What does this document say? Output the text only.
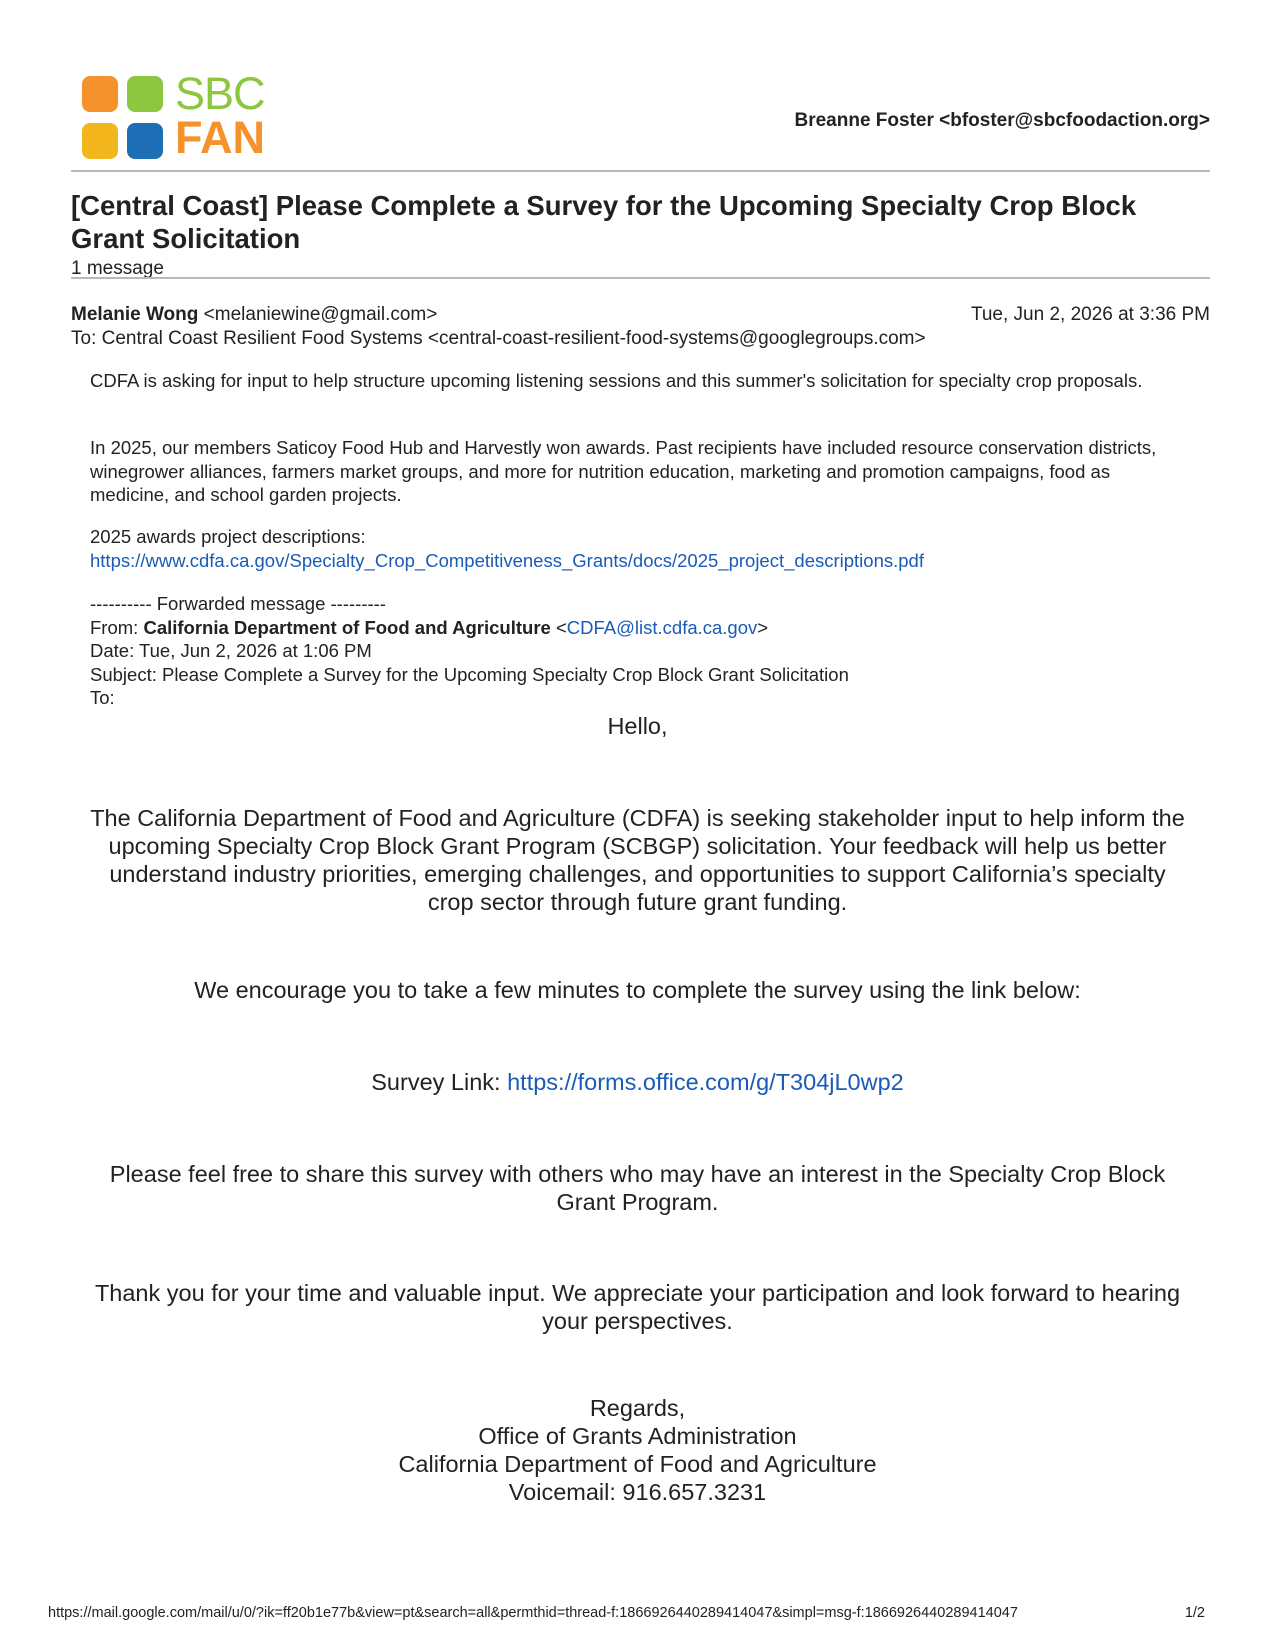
SBC
FAN	Breanne Foster <bfoster@sbcfoodaction.org>
[Central Coast] Please Complete a Survey for the Upcoming Specialty Crop Block Grant Solicitation
1 message
Melanie Wong <melaniewine@gmail.com>	Tue, Jun 2, 2026 at 3:36 PM
To: Central Coast Resilient Food Systems <central-coast-resilient-food-systems@googlegroups.com>
CDFA is asking for input to help structure upcoming listening sessions and this summer's solicitation for specialty crop proposals.
In 2025, our members Saticoy Food Hub and Harvestly won awards. Past recipients have included resource conservation districts, winegrower alliances, farmers market groups, and more for nutrition education, marketing and promotion campaigns, food as medicine, and school garden projects.
2025 awards project descriptions:
https://www.cdfa.ca.gov/Specialty_Crop_Competitiveness_Grants/docs/2025_project_descriptions.pdf
---------- Forwarded message ---------
From: California Department of Food and Agriculture <CDFA@list.cdfa.ca.gov>
Date: Tue, Jun 2, 2026 at 1:06 PM
Subject: Please Complete a Survey for the Upcoming Specialty Crop Block Grant Solicitation
To:
Hello,
The California Department of Food and Agriculture (CDFA) is seeking stakeholder input to help inform the upcoming Specialty Crop Block Grant Program (SCBGP) solicitation. Your feedback will help us better understand industry priorities, emerging challenges, and opportunities to support California’s specialty crop sector through future grant funding.
We encourage you to take a few minutes to complete the survey using the link below:
Survey Link: https://forms.office.com/g/T304jL0wp2
Please feel free to share this survey with others who may have an interest in the Specialty Crop Block Grant Program.
Thank you for your time and valuable input. We appreciate your participation and look forward to hearing your perspectives.
Regards,
Office of Grants Administration
California Department of Food and Agriculture
Voicemail: 916.657.3231
https://mail.google.com/mail/u/0/?ik=ff20b1e77b&view=pt&search=all&permthid=thread-f:1866926440289414047&simpl=msg-f:1866926440289414047	1/2
